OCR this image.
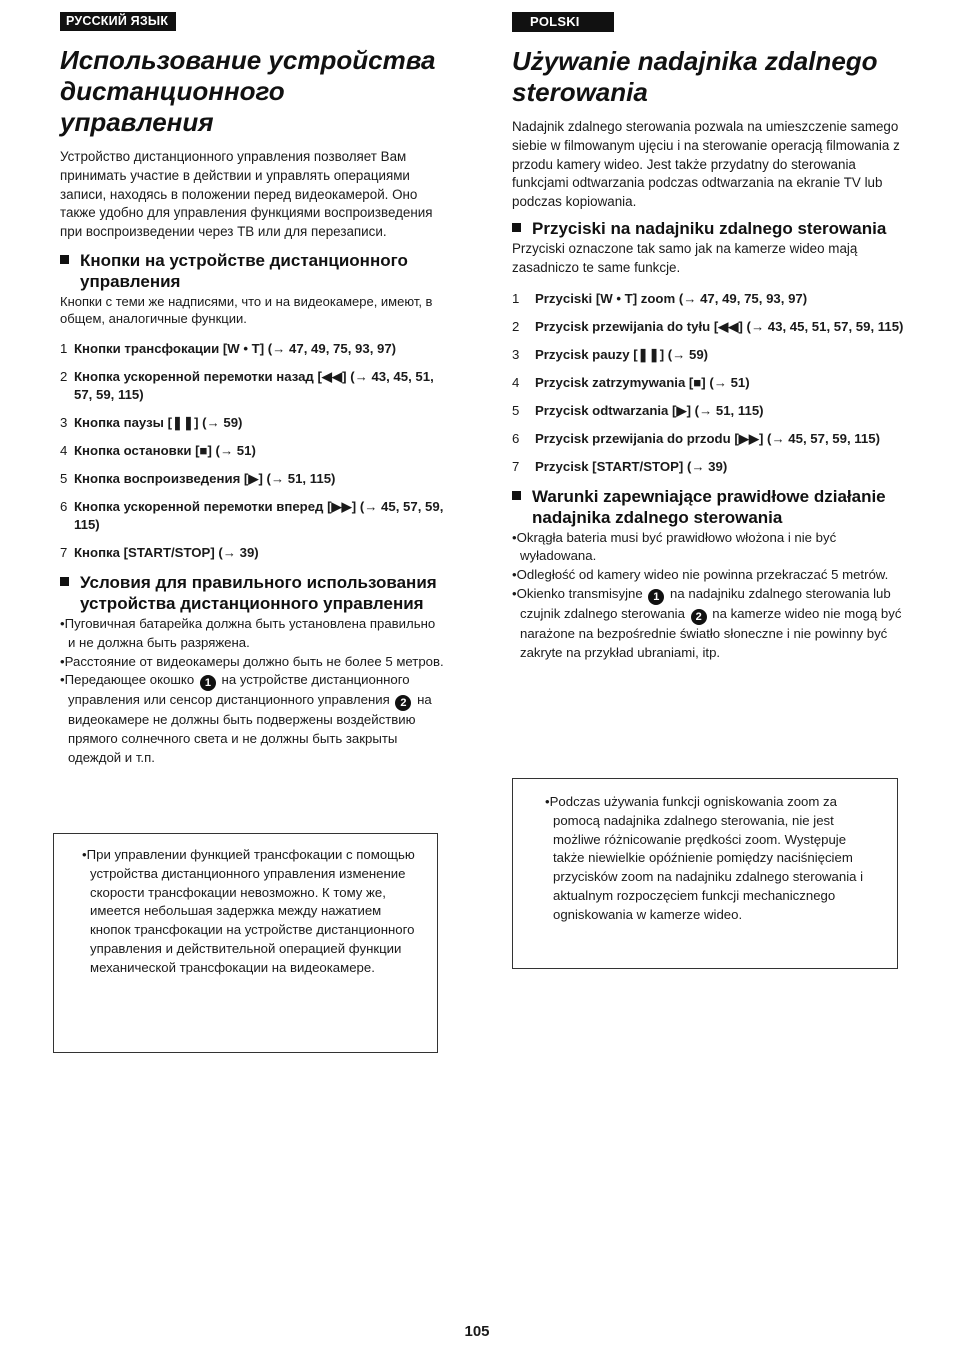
РУССКИЙ ЯЗЫК
Использование устройства дистанционного управления

Устройство дистанционного управления позволяет Вам принимать участие в действии и управлять операциями записи, находясь в положении перед видеокамерой. Оно также удобно для управления функциями воспроизведения при воспроизведении через ТВ или для перезаписи.

Кнопки на устройстве дистанционного управления

Кнопки с теми же надписями, что и на видеокамере, имеют, в общем, аналогичные функции.

1 Кнопки трансфокации [W • T] (→ 47, 49, 75, 93, 97)
2 Кнопка ускоренной перемотки назад [◀◀] (→ 43, 45, 51, 57, 59, 115)
3 Кнопка паузы [❚❚] (→ 59)
4 Кнопка остановки [■] (→ 51)
5 Кнопка воспроизведения [▶] (→ 51, 115)
6 Кнопка ускоренной перемотки вперед [▶▶] (→ 45, 57, 59, 115)
7 Кнопка [START/STOP] (→ 39)
Условия для правильного использования устройства дистанционного управления
•Пуговичная батарейка должна быть установлена правильно и не должна быть разряжена.
•Расстояние от видеокамеры должно быть не более 5 метров.
•Передающее окошко 1 на устройстве дистанционного управления или сенсор дистанционного управления 2 на видеокамере не должны быть подвержены воздействию прямого солнечного света и не должны быть закрыты одеждой и т.п.

•При управлении функцией трансфокации с помощью устройства дистанционного управления изменение скорости трансфокации невозможно. К тому же, имеется небольшая задержка между нажатием кнопок трансфокации на устройстве дистанционного управления и действительной операцией функции механической трансфокации на видеокамере.

POLSKI
Używanie nadajnika zdalnego sterowania

Nadajnik zdalnego sterowania pozwala na umieszczenie samego siebie w filmowanym ujęciu i na sterowanie operacją filmowania z przodu kamery wideo. Jest także przydatny do sterowania funkcjami odtwarzania podczas odtwarzania na ekranie TV lub podczas kopiowania.

Przyciski na nadajniku zdalnego sterowania

Przyciski oznaczone tak samo jak na kamerze wideo mają zasadniczo te same funkcje.

1	Przyciski [W • T] zoom (→ 47, 49, 75, 93, 97)
2	Przycisk przewijania do tyłu [◀◀] (→ 43, 45, 51, 57, 59, 115)
3	Przycisk pauzy [❚❚] (→ 59)
4	Przycisk zatrzymywania [■] (→ 51)
5	Przycisk odtwarzania [▶] (→ 51, 115)
6	Przycisk przewijania do przodu [▶▶] (→ 45, 57, 59, 115)
7	Przycisk [START/STOP] (→ 39)
Warunki zapewniające prawidłowe działanie nadajnika zdalnego sterowania
•Okrągła bateria musi być prawidłowo włożona i nie być wyładowana.
•Odległość od kamery wideo nie powinna przekraczać 5 metrów.
•Okienko transmisyjne 1 na nadajniku zdalnego sterowania lub czujnik zdalnego sterowania 2 na kamerze wideo nie mogą być narażone na bezpośrednie światło słoneczne i nie powinny być zakryte na przykład ubraniami, itp.

•Podczas używania funkcji ogniskowania zoom za pomocą nadajnika zdalnego sterowania, nie jest możliwe różnicowanie prędkości zoom. Występuje także niewielkie opóźnienie pomiędzy naciśnięciem przycisków zoom na nadajniku zdalnego sterowania i aktualnym rozpoczęciem funkcji mechanicznego ogniskowania w kamerze wideo.

105
